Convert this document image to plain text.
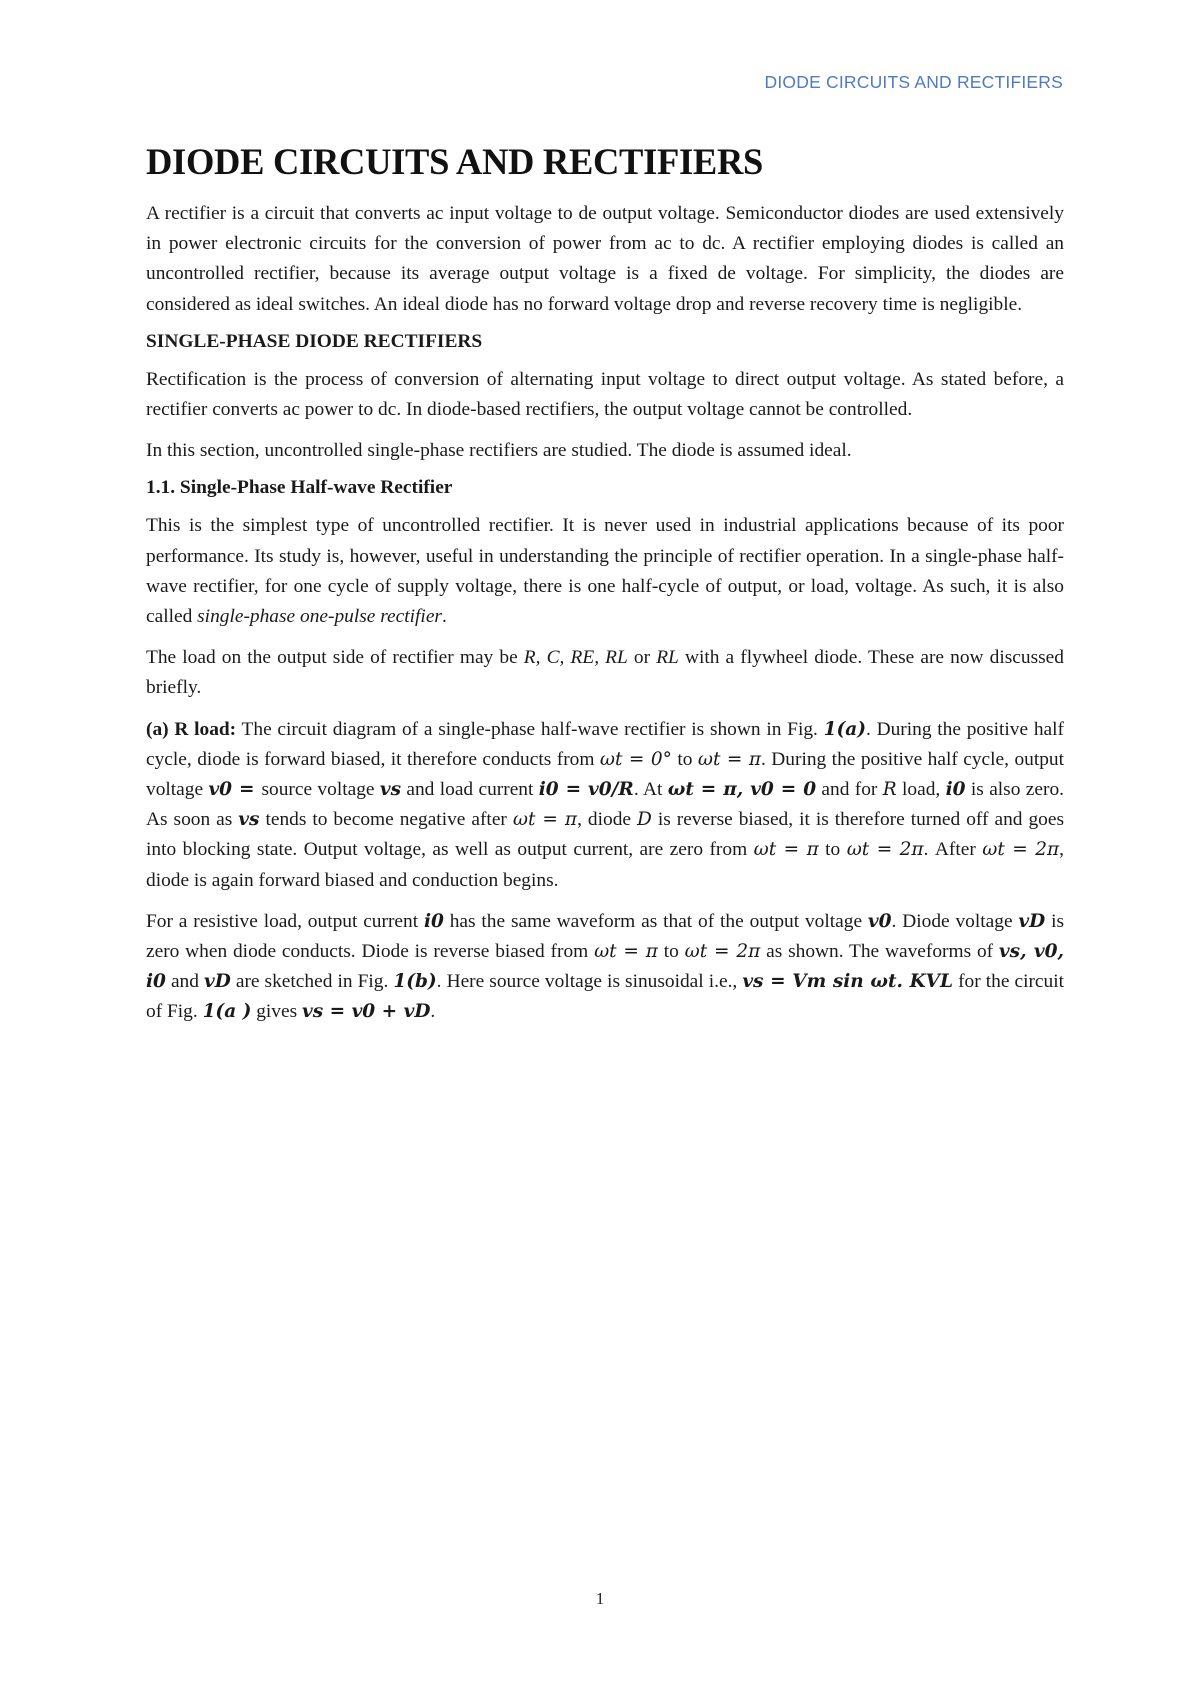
DIODE CIRCUITS AND RECTIFIERS
DIODE CIRCUITS AND RECTIFIERS

A rectifier is a circuit that converts ac input voltage to de output voltage. Semiconductor diodes are used extensively in power electronic circuits for the conversion of power from ac to dc. A rectifier employing diodes is called an uncontrolled rectifier, because its average output voltage is a fixed de voltage. For simplicity, the diodes are considered as ideal switches. An ideal diode has no forward voltage drop and reverse recovery time is negligible.

SINGLE-PHASE DIODE RECTIFIERS

Rectification is the process of conversion of alternating input voltage to direct output voltage. As stated before, a rectifier converts ac power to dc. In diode-based rectifiers, the output voltage cannot be controlled.

In this section, uncontrolled single-phase rectifiers are studied. The diode is assumed ideal.

1.1. Single-Phase Half-wave Rectifier

This is the simplest type of uncontrolled rectifier. It is never used in industrial applications because of its poor performance. Its study is, however, useful in understanding the principle of rectifier operation. In a single-phase half-wave rectifier, for one cycle of supply voltage, there is one half-cycle of output, or load, voltage. As such, it is also called single-phase one-pulse rectifier.

The load on the output side of rectifier may be R, C, RE, RL or RL with a flywheel diode. These are now discussed briefly.

(a) R load: The circuit diagram of a single-phase half-wave rectifier is shown in Fig. 1(a). During the positive half cycle, diode is forward biased, it therefore conducts from ωt = 0° to ωt = π. During the positive half cycle, output voltage v0 = source voltage vs and load current i0 = v0/R. At ωt = π, v0 = 0 and for R load, i0 is also zero. As soon as vs tends to become negative after ωt = π, diode D is reverse biased, it is therefore turned off and goes into blocking state. Output voltage, as well as output current, are zero from ωt = π to ωt = 2π. After ωt = 2π, diode is again forward biased and conduction begins.

For a resistive load, output current i0 has the same waveform as that of the output voltage v0. Diode voltage vD is zero when diode conducts. Diode is reverse biased from ωt = π to ωt = 2π as shown. The waveforms of vs, v0, i0 and vD are sketched in Fig. 1(b). Here source voltage is sinusoidal i.e., vs = Vm sin ωt. KVL for the circuit of Fig. 1(a ) gives vs = v0 + vD.

1
